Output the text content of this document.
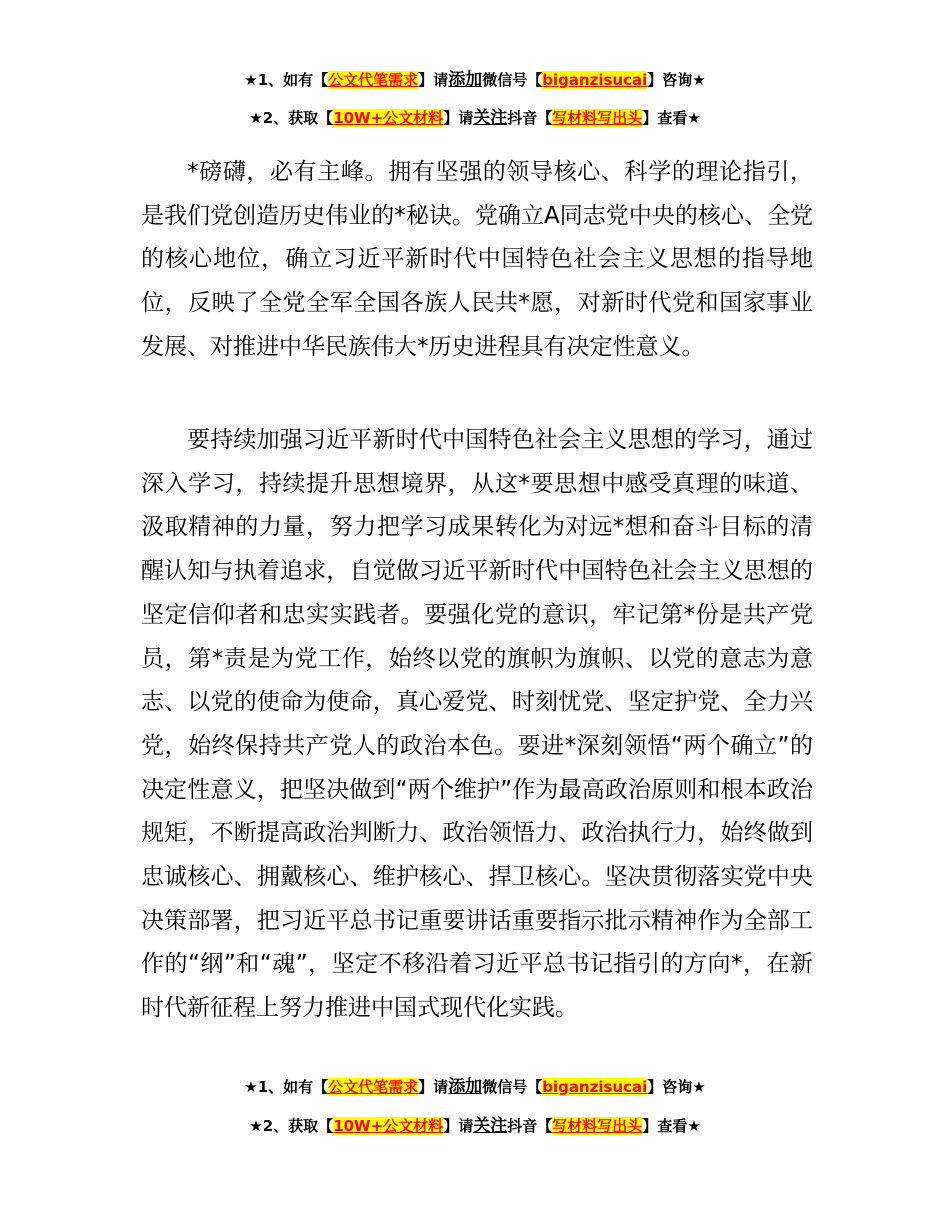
★1、如有【公文代笔需求】请添加微信号【biganzisucai】咨询★
★2、获取【10W+公文材料】请关注抖音【写材料写出头】查看★

*磅礴，必有主峰。拥有坚强的领导核心、科学的理论指引，是我们党创造历史伟业的*秘诀。党确立A同志党中央的核心、全党的核心地位，确立习近平新时代中国特色社会主义思想的指导地位，反映了全党全军全国各族人民共*愿，对新时代党和国家事业发展、对推进中华民族伟大*历史进程具有决定性意义。

要持续加强习近平新时代中国特色社会主义思想的学习，通过深入学习，持续提升思想境界，从这*要思想中感受真理的味道、汲取精神的力量，努力把学习成果转化为对远*想和奋斗目标的清醒认知与执着追求，自觉做习近平新时代中国特色社会主义思想的坚定信仰者和忠实实践者。要强化党的意识，牢记第*份是共产党员，第*责是为党工作，始终以党的旗帜为旗帜、以党的意志为意志、以党的使命为使命，真心爱党、时刻忧党、坚定护党、全力兴党，始终保持共产党人的政治本色。要进*深刻领悟“两个确立”的决定性意义，把坚决做到“两个维护”作为最高政治原则和根本政治规矩，不断提高政治判断力、政治领悟力、政治执行力，始终做到忠诚核心、拥戴核心、维护核心、捍卫核心。坚决贯彻落实党中央决策部署，把习近平总书记重要讲话重要指示批示精神作为全部工作的“纲”和“魂”，坚定不移沿着习近平总书记指引的方向*，在新时代新征程上努力推进中国式现代化实践。

★1、如有【公文代笔需求】请添加微信号【biganzisucai】咨询★
★2、获取【10W+公文材料】请关注抖音【写材料写出头】查看★
